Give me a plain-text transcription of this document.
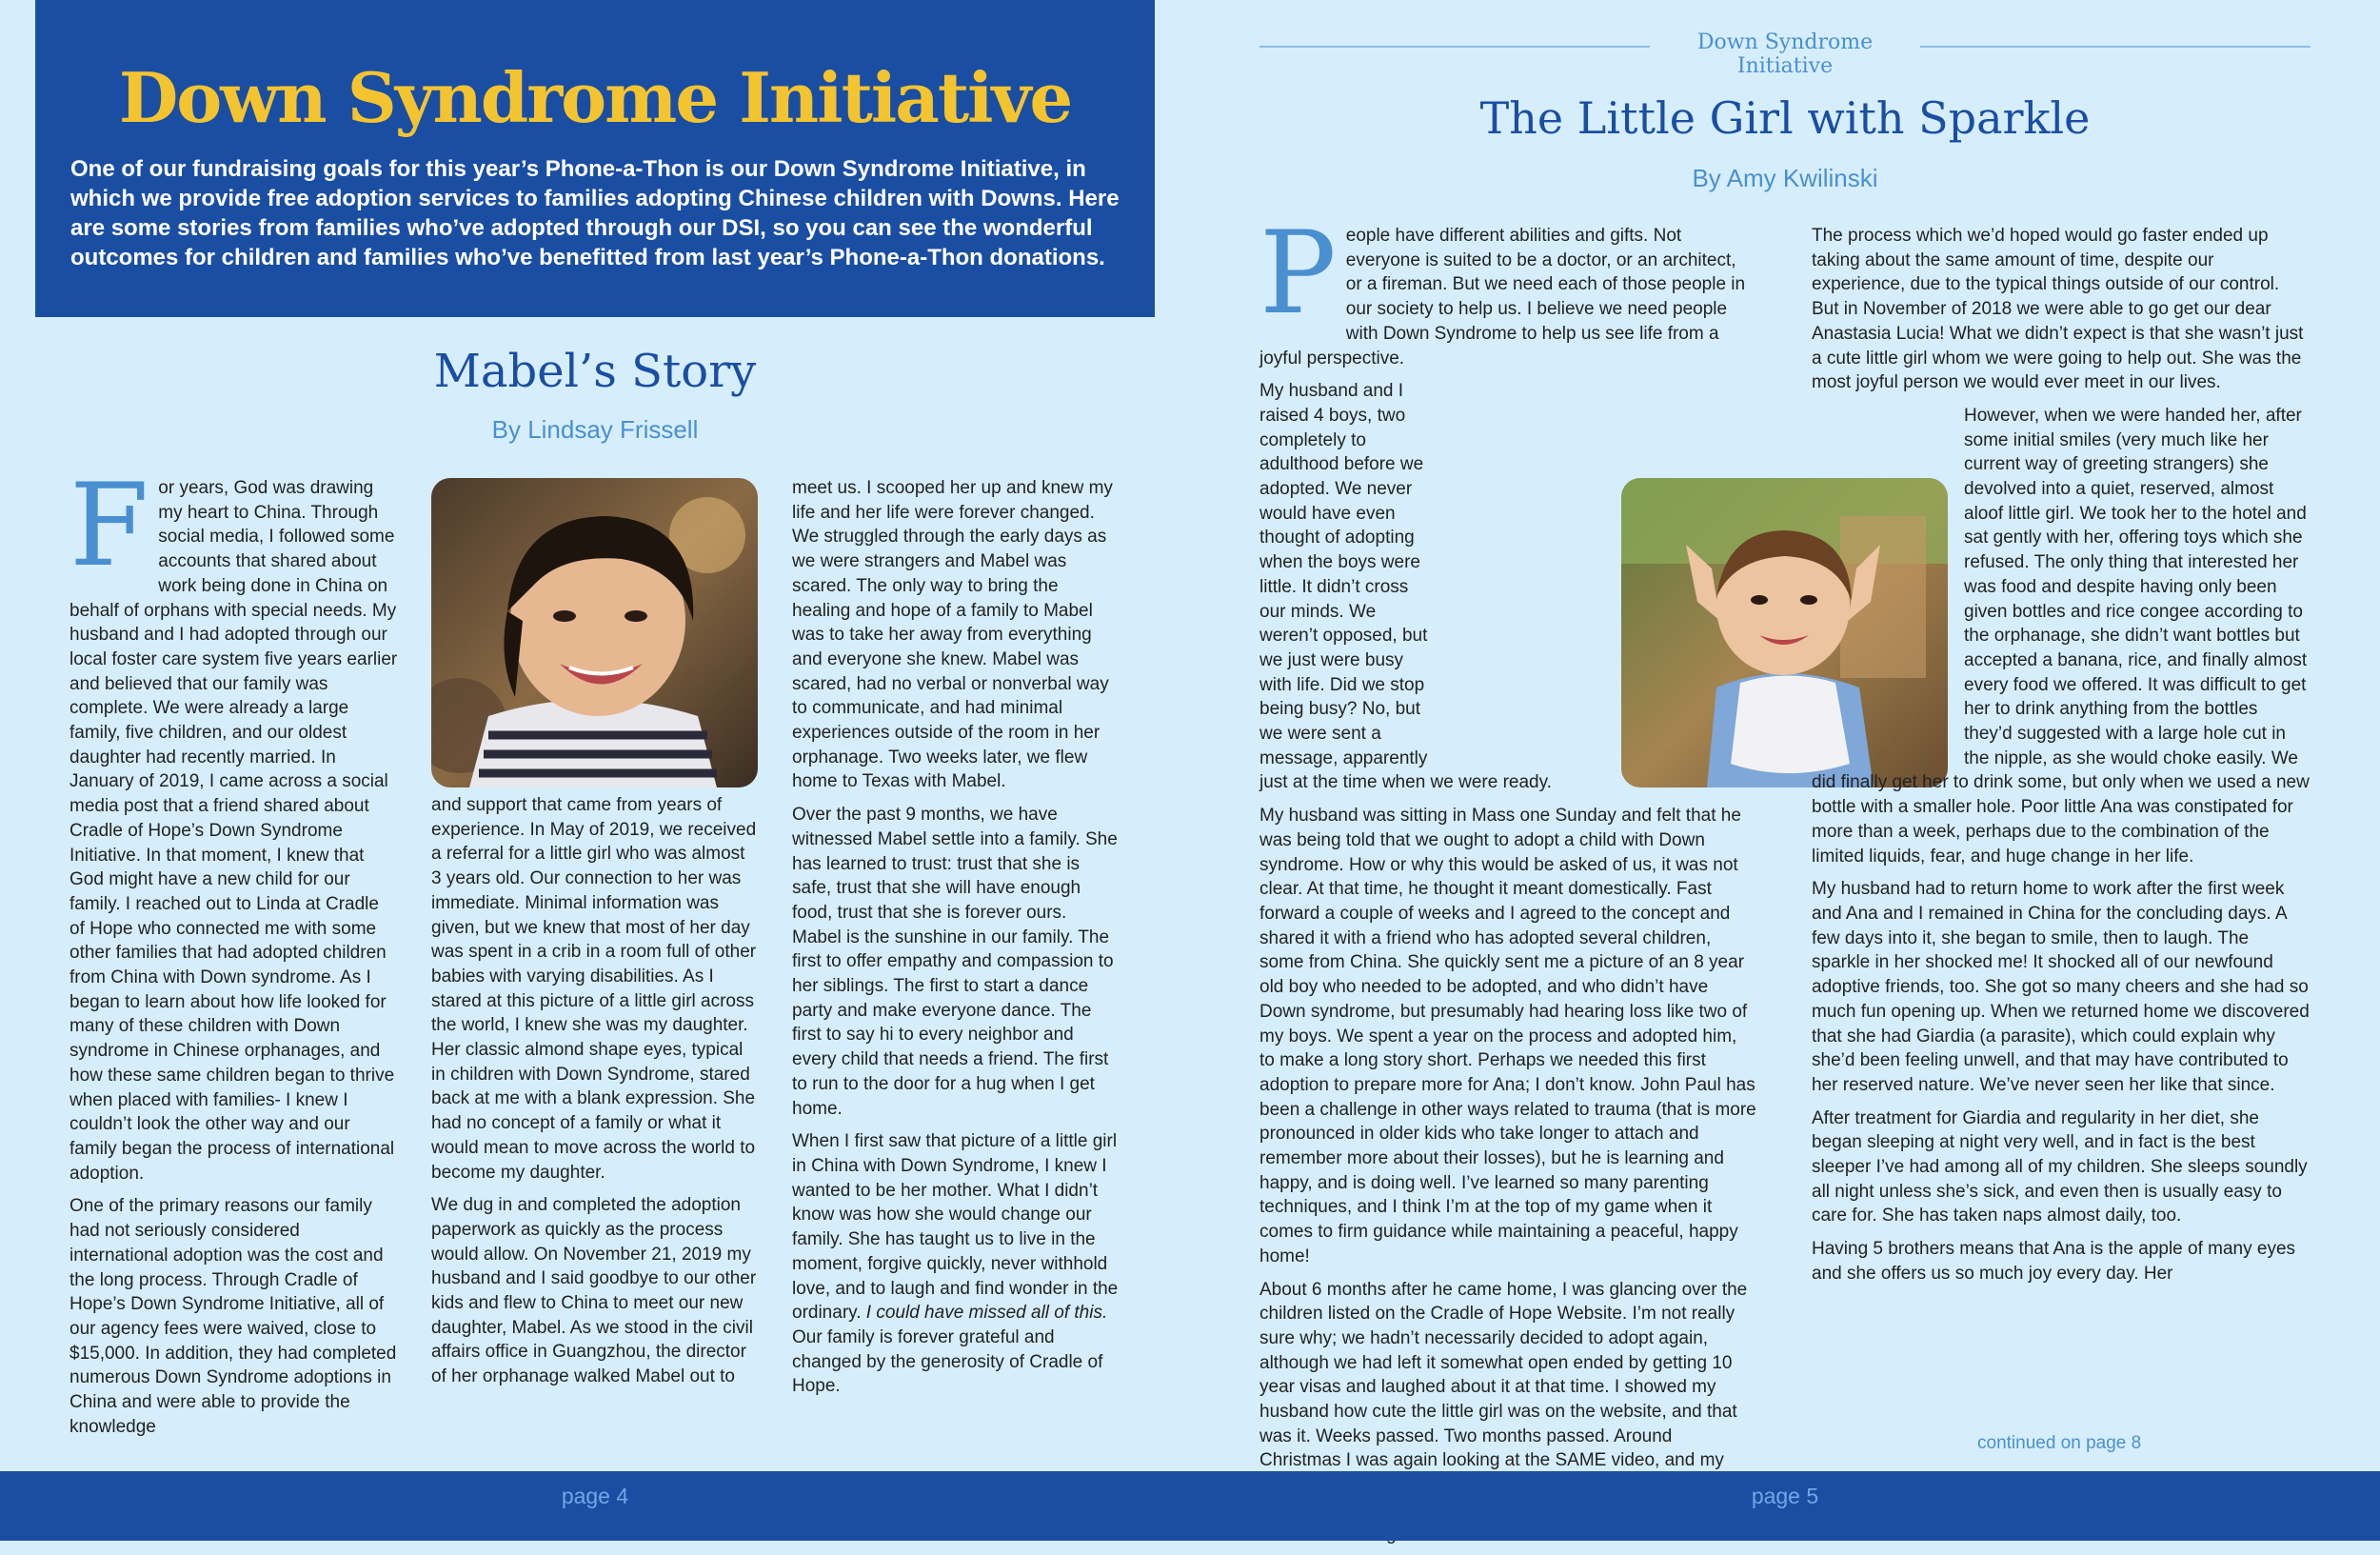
Down Syndrome Initiative

One of our fundraising goals for this year’s Phone-a-Thon is our Down Syndrome Initiative, in which we provide free adoption services to families adopting Chinese children with Downs. Here are some stories from families who’ve adopted through our DSI, so you can see the wonderful outcomes for children and families who’ve benefitted from last year’s Phone-a-Thon donations.

Mabel’s Story
By Lindsay Frissell

For years, God was drawing my heart to China. Through social media, I followed some accounts that shared about work being done in China on behalf of orphans with special needs. My husband and I had adopted through our local foster care system five years earlier and believed that our family was complete. We were already a large family, five children, and our oldest daughter had recently married. In January of 2019, I came across a social media post that a friend shared about Cradle of Hope’s Down Syndrome Initiative. In that moment, I knew that God might have a new child for our family. I reached out to Linda at Cradle of Hope who connected me with some other families that had adopted children from China with Down syndrome. As I began to learn about how life looked for many of these children with Down syndrome in Chinese orphanages, and how these same children began to thrive when placed with families- I knew I couldn’t look the other way and our family began the process of international adoption.

One of the primary reasons our family had not seriously considered international adoption was the cost and the long process. Through Cradle of Hope’s Down Syndrome Initiative, all of our agency fees were waived, close to $15,000. In addition, they had completed numerous Down Syndrome adoptions in China and were able to provide the knowledge

and support that came from years of experience. In May of 2019, we received a referral for a little girl who was almost 3 years old. Our connection to her was immediate. Minimal information was given, but we knew that most of her day was spent in a crib in a room full of other babies with varying disabilities. As I stared at this picture of a little girl across the world, I knew she was my daughter. Her classic almond shape eyes, typical in children with Down Syndrome, stared back at me with a blank expression. She had no concept of a family or what it would mean to move across the world to become my daughter.

We dug in and completed the adoption paperwork as quickly as the process would allow. On November 21, 2019 my husband and I said goodbye to our other kids and flew to China to meet our new daughter, Mabel. As we stood in the civil affairs office in Guangzhou, the director of her orphanage walked Mabel out to

meet us. I scooped her up and knew my life and her life were forever changed. We struggled through the early days as we were strangers and Mabel was scared. The only way to bring the healing and hope of a family to Mabel was to take her away from everything and everyone she knew. Mabel was scared, had no verbal or nonverbal way to communicate, and had minimal experiences outside of the room in her orphanage. Two weeks later, we flew home to Texas with Mabel.

Over the past 9 months, we have witnessed Mabel settle into a family. She has learned to trust: trust that she is safe, trust that she will have enough food, trust that she is forever ours. Mabel is the sunshine in our family. The first to offer empathy and compassion to her siblings. The first to start a dance party and make everyone dance. The first to say hi to every neighbor and every child that needs a friend. The first to run to the door for a hug when I get home.

When I first saw that picture of a little girl in China with Down Syndrome, I knew I wanted to be her mother. What I didn’t know was how she would change our family. She has taught us to live in the moment, forgive quickly, never withhold love, and to laugh and find wonder in the ordinary. I could have missed all of this. Our family is forever grateful and changed by the generosity of Cradle of Hope.

Down Syndrome Initiative
The Little Girl with Sparkle
By Amy Kwilinski

People have different abilities and gifts. Not everyone is suited to be a doctor, or an architect, or a fireman. But we need each of those people in our society to help us. I believe we need people with Down Syndrome to help us see life from a joyful perspective.

My husband and I raised 4 boys, two completely to adulthood before we adopted. We never would have even thought of adopting when the boys were little. It didn’t cross our minds. We weren’t opposed, but we just were busy with life. Did we stop being busy? No, but we were sent a message, apparently just at the time when we were ready.

My husband was sitting in Mass one Sunday and felt that he was being told that we ought to adopt a child with Down syndrome. How or why this would be asked of us, it was not clear. At that time, he thought it meant domestically. Fast forward a couple of weeks and I agreed to the concept and shared it with a friend who has adopted several children, some from China. She quickly sent me a picture of an 8 year old boy who needed to be adopted, and who didn’t have Down syndrome, but presumably had hearing loss like two of my boys. We spent a year on the process and adopted him, to make a long story short. Perhaps we needed this first adoption to prepare more for Ana; I don’t know. John Paul has been a challenge in other ways related to trauma (that is more pronounced in older kids who take longer to attach and remember more about their losses), but he is learning and happy, and is doing well. I’ve learned so many parenting techniques, and I think I’m at the top of my game when it comes to firm guidance while maintaining a peaceful, happy home!

About 6 months after he came home, I was glancing over the children listed on the Cradle of Hope Website. I’m not really sure why; we hadn’t necessarily decided to adopt again, although we had left it somewhat open ended by getting 10 year visas and laughed about it at that time. I showed my husband how cute the little girl was on the website, and that was it. Weeks passed. Two months passed. Around Christmas I was again looking at the SAME video, and my

The process which we’d hoped would go faster ended up taking about the same amount of time, despite our experience, due to the typical things outside of our control. But in November of 2018 we were able to go get our dear Anastasia Lucia! What we didn’t expect is that she wasn’t just a cute little girl whom we were going to help out. She was the most joyful person we would ever meet in our lives.

However, when we were handed her, after some initial smiles (very much like her current way of greeting strangers) she devolved into a quiet, reserved, almost aloof little girl. We took her to the hotel and sat gently with her, offering toys which she refused. The only thing that interested her was food and despite having only been given bottles and rice congee according to the orphanage, she didn’t want bottles but accepted a banana, rice, and finally almost every food we offered. It was difficult to get her to drink anything from the bottles they’d suggested with a large hole cut in the nipple, as she would choke easily. We did finally get her to drink some, but only when we used a new bottle with a smaller hole. Poor little Ana was constipated for more than a week, perhaps due to the combination of the limited liquids, fear, and huge change in her life.

My husband had to return home to work after the first week and Ana and I remained in China for the concluding days. A few days into it, she began to smile, then to laugh. The sparkle in her shocked me! It shocked all of our newfound adoptive friends, too. She got so many cheers and she had so much fun opening up. When we returned home we discovered that she had Giardia (a parasite), which could explain why she’d been feeling unwell, and that may have contributed to her reserved nature. We’ve never seen her like that since.

After treatment for Giardia and regularity in her diet, she began sleeping at night very well, and in fact is the best sleeper I’ve had among all of my children. She sleeps soundly all night unless she’s sick, and even then is usually easy to care for. She has taken naps almost daily, too.

Having 5 brothers means that Ana is the apple of many eyes and she offers us so much joy every day. Her

continued on page 8
page 4	page 5
